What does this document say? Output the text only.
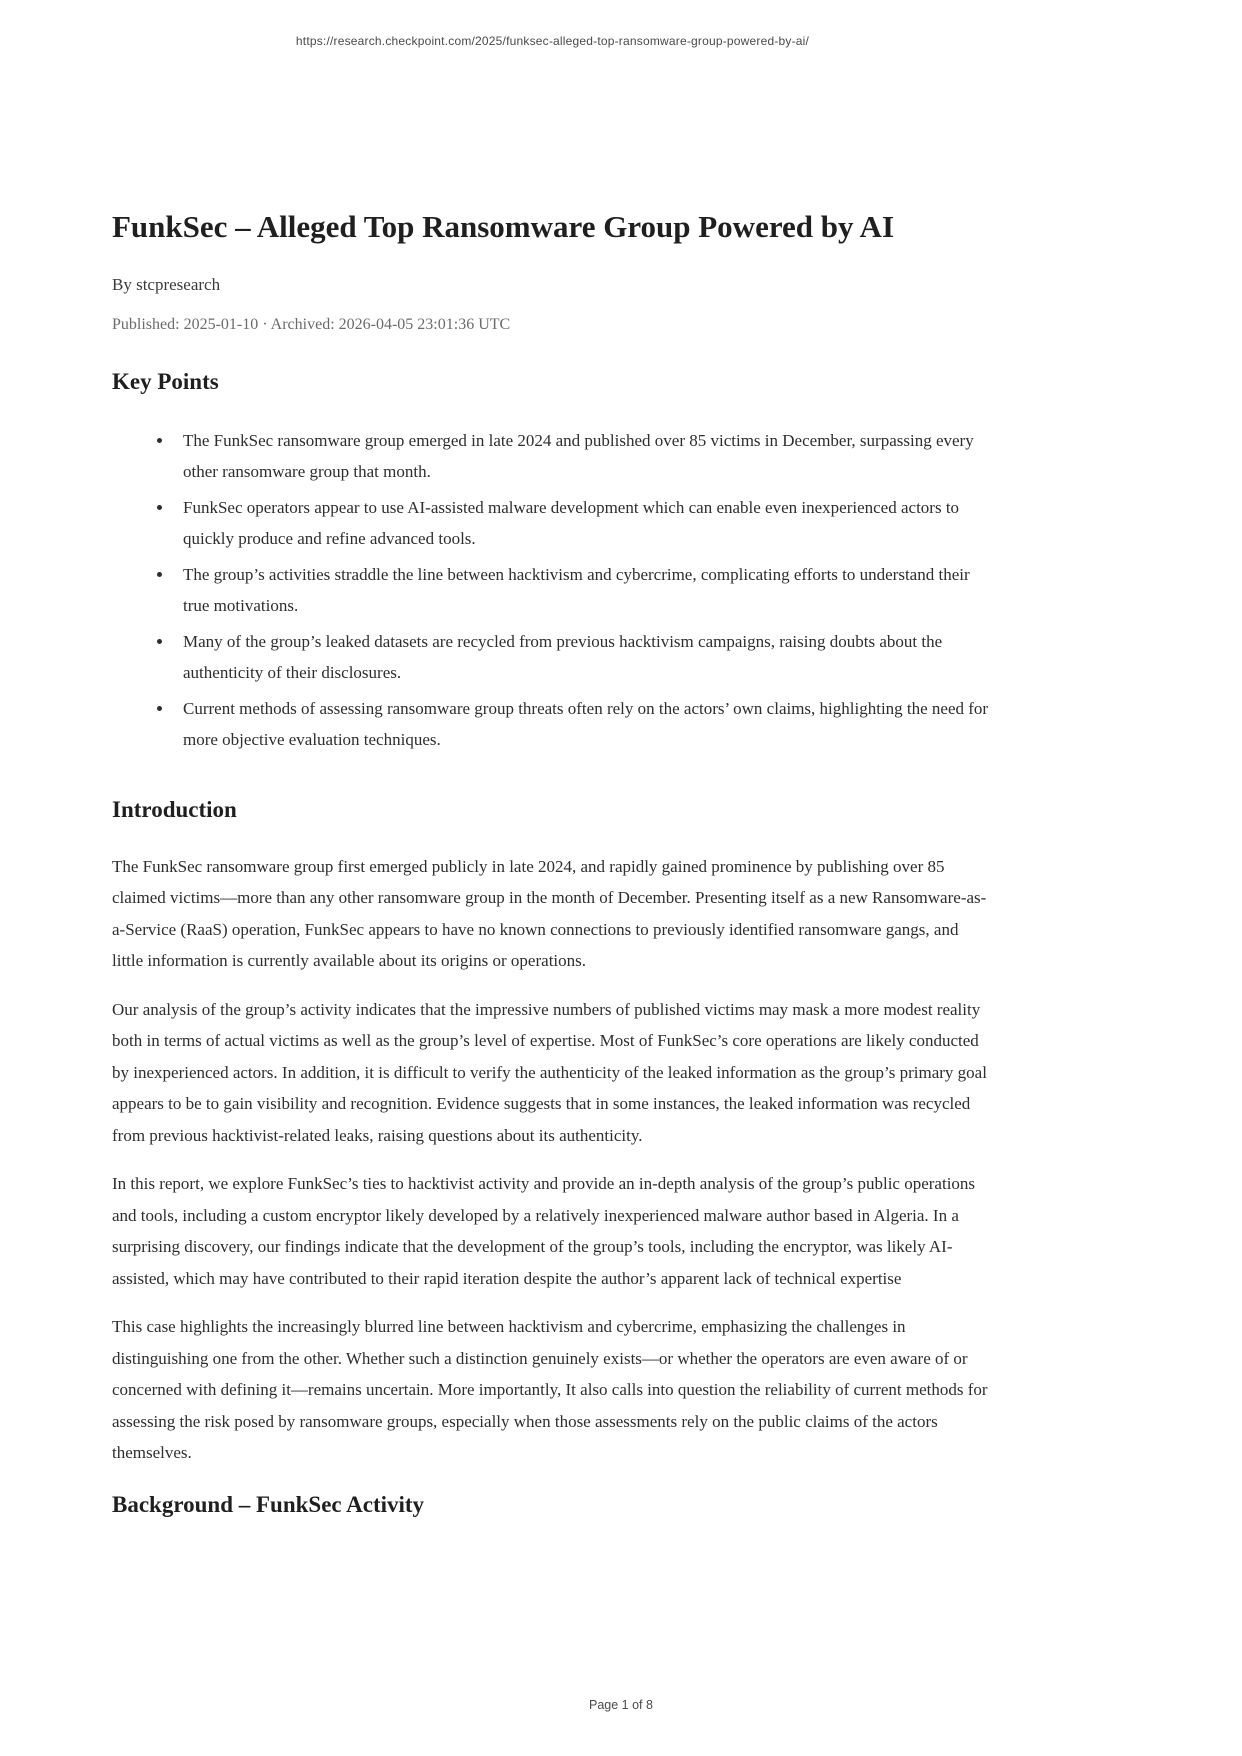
https://research.checkpoint.com/2025/funksec-alleged-top-ransomware-group-powered-by-ai/
FunkSec – Alleged Top Ransomware Group Powered by AI
By stcpresearch
Published: 2025-01-10 · Archived: 2026-04-05 23:01:36 UTC
Key Points
The FunkSec ransomware group emerged in late 2024 and published over 85 victims in December, surpassing every other ransomware group that month.
FunkSec operators appear to use AI-assisted malware development which can enable even inexperienced actors to quickly produce and refine advanced tools.
The group’s activities straddle the line between hacktivism and cybercrime, complicating efforts to understand their true motivations.
Many of the group’s leaked datasets are recycled from previous hacktivism campaigns, raising doubts about the authenticity of their disclosures.
Current methods of assessing ransomware group threats often rely on the actors’ own claims, highlighting the need for more objective evaluation techniques.
Introduction

The FunkSec ransomware group first emerged publicly in late 2024, and rapidly gained prominence by publishing over 85 claimed victims—more than any other ransomware group in the month of December. Presenting itself as a new Ransomware-as-a-Service (RaaS) operation, FunkSec appears to have no known connections to previously identified ransomware gangs, and little information is currently available about its origins or operations.

Our analysis of the group’s activity indicates that the impressive numbers of published victims may mask a more modest reality both in terms of actual victims as well as the group’s level of expertise. Most of FunkSec’s core operations are likely conducted by inexperienced actors. In addition, it is difficult to verify the authenticity of the leaked information as the group’s primary goal appears to be to gain visibility and recognition. Evidence suggests that in some instances, the leaked information was recycled from previous hacktivist-related leaks, raising questions about its authenticity.

In this report, we explore FunkSec’s ties to hacktivist activity and provide an in-depth analysis of the group’s public operations and tools, including a custom encryptor likely developed by a relatively inexperienced malware author based in Algeria. In a surprising discovery, our findings indicate that the development of the group’s tools, including the encryptor, was likely AI-assisted, which may have contributed to their rapid iteration despite the author’s apparent lack of technical expertise

This case highlights the increasingly blurred line between hacktivism and cybercrime, emphasizing the challenges in distinguishing one from the other. Whether such a distinction genuinely exists—or whether the operators are even aware of or concerned with defining it—remains uncertain. More importantly, It also calls into question the reliability of current methods for assessing the risk posed by ransomware groups, especially when those assessments rely on the public claims of the actors themselves.

Background – FunkSec Activity
Page 1 of 8
